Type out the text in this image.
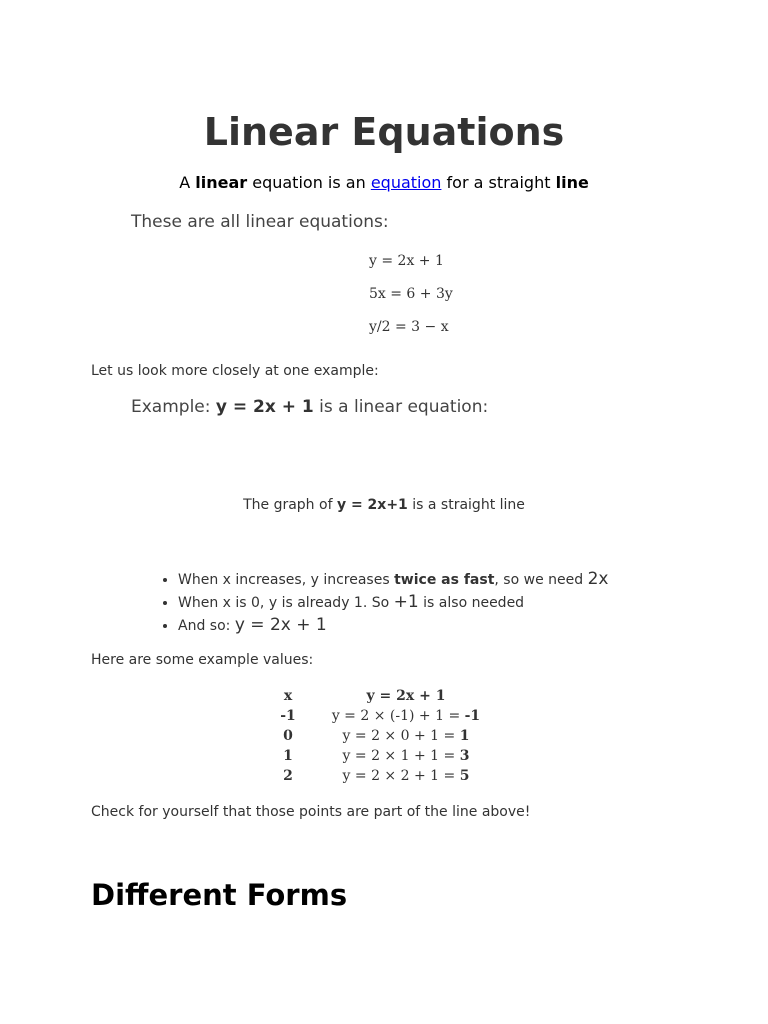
Linear Equations
A linear equation is an equation for a straight line
These are all linear equations:
y = 2x + 1
5x = 6 + 3y
y/2 = 3 − x
Let us look more closely at one example:
Example: y = 2x + 1 is a linear equation:
The graph of y = 2x+1 is a straight line
• When x increases, y increases twice as fast, so we need 2x
• When x is 0, y is already 1. So +1 is also needed
• And so: y = 2x + 1
Here are some example values:
x	y = 2x + 1
-1	y = 2 × (-1) + 1 = -1
0	y = 2 × 0 + 1 = 1
1	y = 2 × 1 + 1 = 3
2	y = 2 × 2 + 1 = 5
Check for yourself that those points are part of the line above!
Different Forms
